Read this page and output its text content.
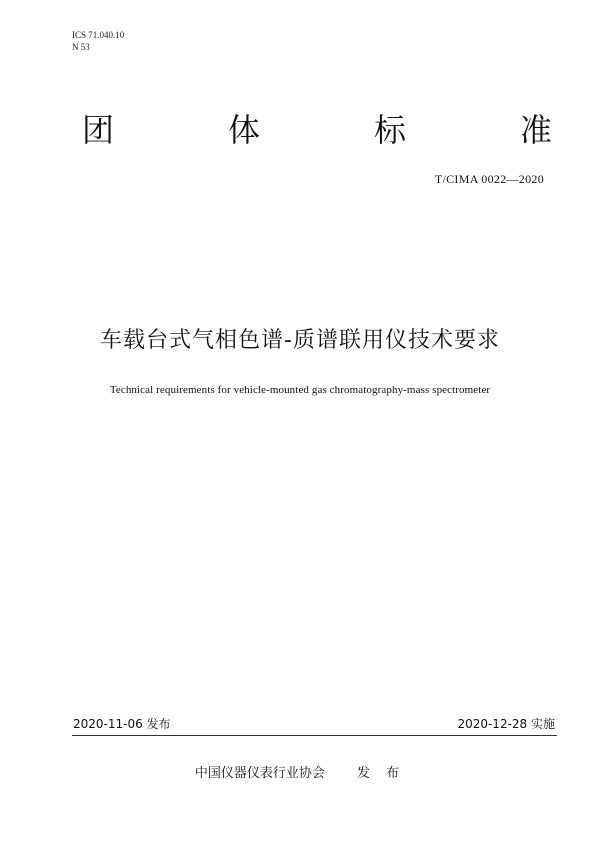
ICS 71.040.10
N 53
团	体	标	准
T/CIMA 0022—2020
车载台式气相色谱-质谱联用仪技术要求
Technical requirements for vehicle-mounted gas chromatography-mass spectrometer
2020-11-06 发布	2020-12-28 实施
中国仪器仪表行业协会 发 布
